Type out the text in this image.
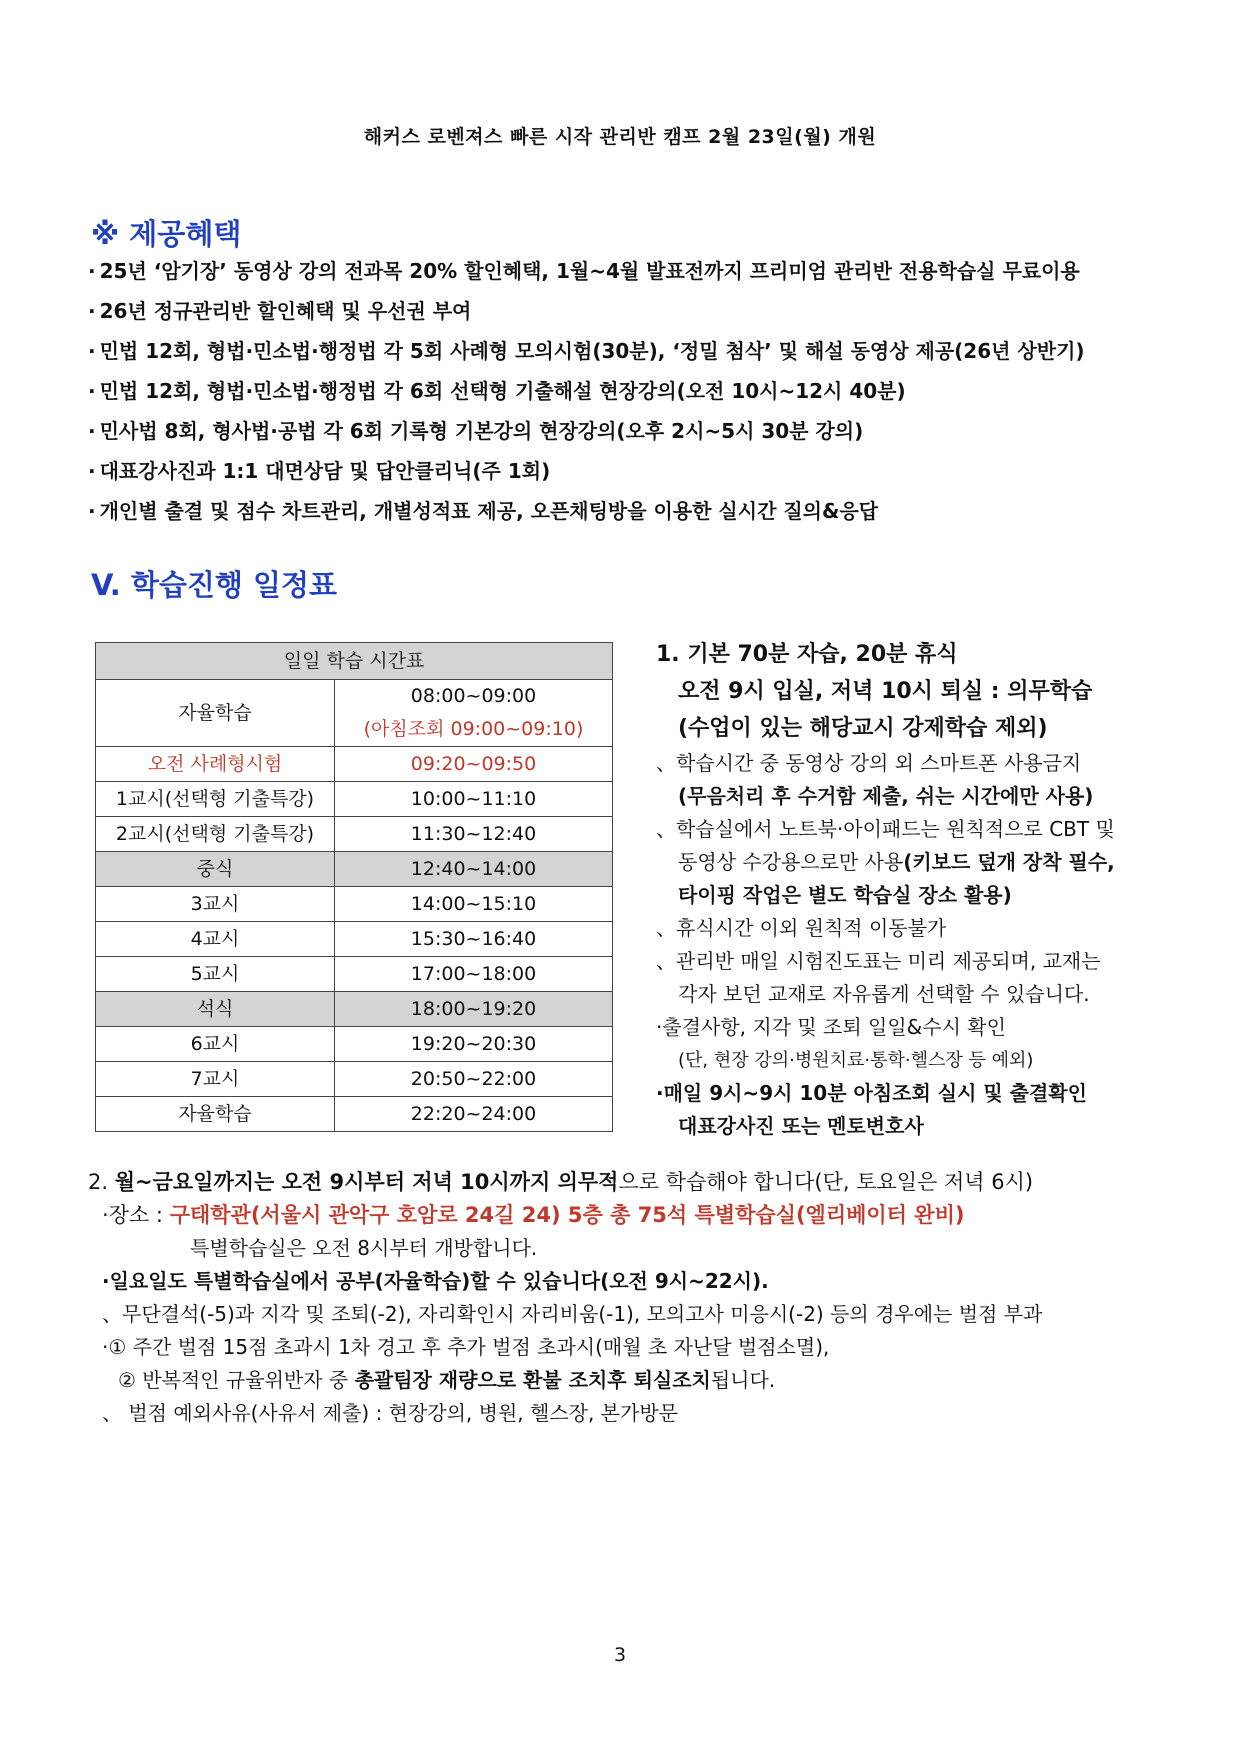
해커스 로벤져스 빠른 시작 관리반 캠프 2월 23일(월) 개원
※ 제공혜택
· 25년 ‘암기장’ 동영상 강의 전과목 20% 할인혜택, 1월~4월 발표전까지 프리미엄 관리반 전용학습실 무료이용
· 26년 정규관리반 할인혜택 및 우선권 부여
· 민법 12회, 형법·민소법·행정법 각 5회 사례형 모의시험(30분), ‘정밀 첨삭’ 및 해설 동영상 제공(26년 상반기)
· 민법 12회, 형법·민소법·행정법 각 6회 선택형 기출해설 현장강의(오전 10시~12시 40분)
· 민사법 8회, 형사법·공법 각 6회 기록형 기본강의 현장강의(오후 2시~5시 30분 강의)
· 대표강사진과 1:1 대면상담 및 답안클리닉(주 1회)
· 개인별 출결 및 점수 차트관리, 개별성적표 제공, 오픈채팅방을 이용한 실시간 질의&응답
V. 학습진행 일정표
일일 학습 시간표	
자율학습	08:00~09:00
(아침조회 09:00~09:10)

오전 사례형시험	09:20~09:50
1교시(선택형 기출특강)	10:00~11:10
2교시(선택형 기출특강)	11:30~12:40
중식	12:40~14:00
3교시	14:00~15:10
4교시	15:30~16:40
5교시	17:00~18:00
석식	18:00~19:20
6교시	19:20~20:30
7교시	20:50~22:00
자율학습	22:20~24:00
1. 기본 70분 자습, 20분 휴식
오전 9시 입실, 저녁 10시 퇴실 : 의무학습
(수업이 있는 해당교시 강제학습 제외)
、학습시간 중 동영상 강의 외 스마트폰 사용금지
(무음처리 후 수거함 제출, 쉬는 시간에만 사용)
、학습실에서 노트북·아이패드는 원칙적으로 CBT 및
동영상 수강용으로만 사용(키보드 덮개 장착 필수,
타이핑 작업은 별도 학습실 장소 활용)
、휴식시간 이외 원칙적 이동불가
、관리반 매일 시험진도표는 미리 제공되며, 교재는
각자 보던 교재로 자유롭게 선택할 수 있습니다.
·출결사항, 지각 및 조퇴 일일&수시 확인
(단, 현장 강의·병원치료·통학·헬스장 등 예외)
·매일 9시~9시 10분 아침조회 실시 및 출결확인
대표강사진 또는 멘토변호사
2. 월~금요일까지는 오전 9시부터 저녁 10시까지 의무적으로 학습해야 합니다(단, 토요일은 저녁 6시)
·장소 : 구태학관(서울시 관악구 호암로 24길 24) 5층 총 75석 특별학습실(엘리베이터 완비)
특별학습실은 오전 8시부터 개방합니다.
·일요일도 특별학습실에서 공부(자율학습)할 수 있습니다(오전 9시~22시).
、무단결석(-5)과 지각 및 조퇴(-2), 자리확인시 자리비움(-1), 모의고사 미응시(-2) 등의 경우에는 벌점 부과
·① 주간 벌점 15점 초과시 1차 경고 후 추가 벌점 초과시(매월 초 자난달 벌점소멸),
② 반복적인 규율위반자 중 총괄팀장 재량으로 환불 조치후 퇴실조치됩니다.
、 벌점 예외사유(사유서 제출) : 현장강의, 병원, 헬스장, 본가방문
3
